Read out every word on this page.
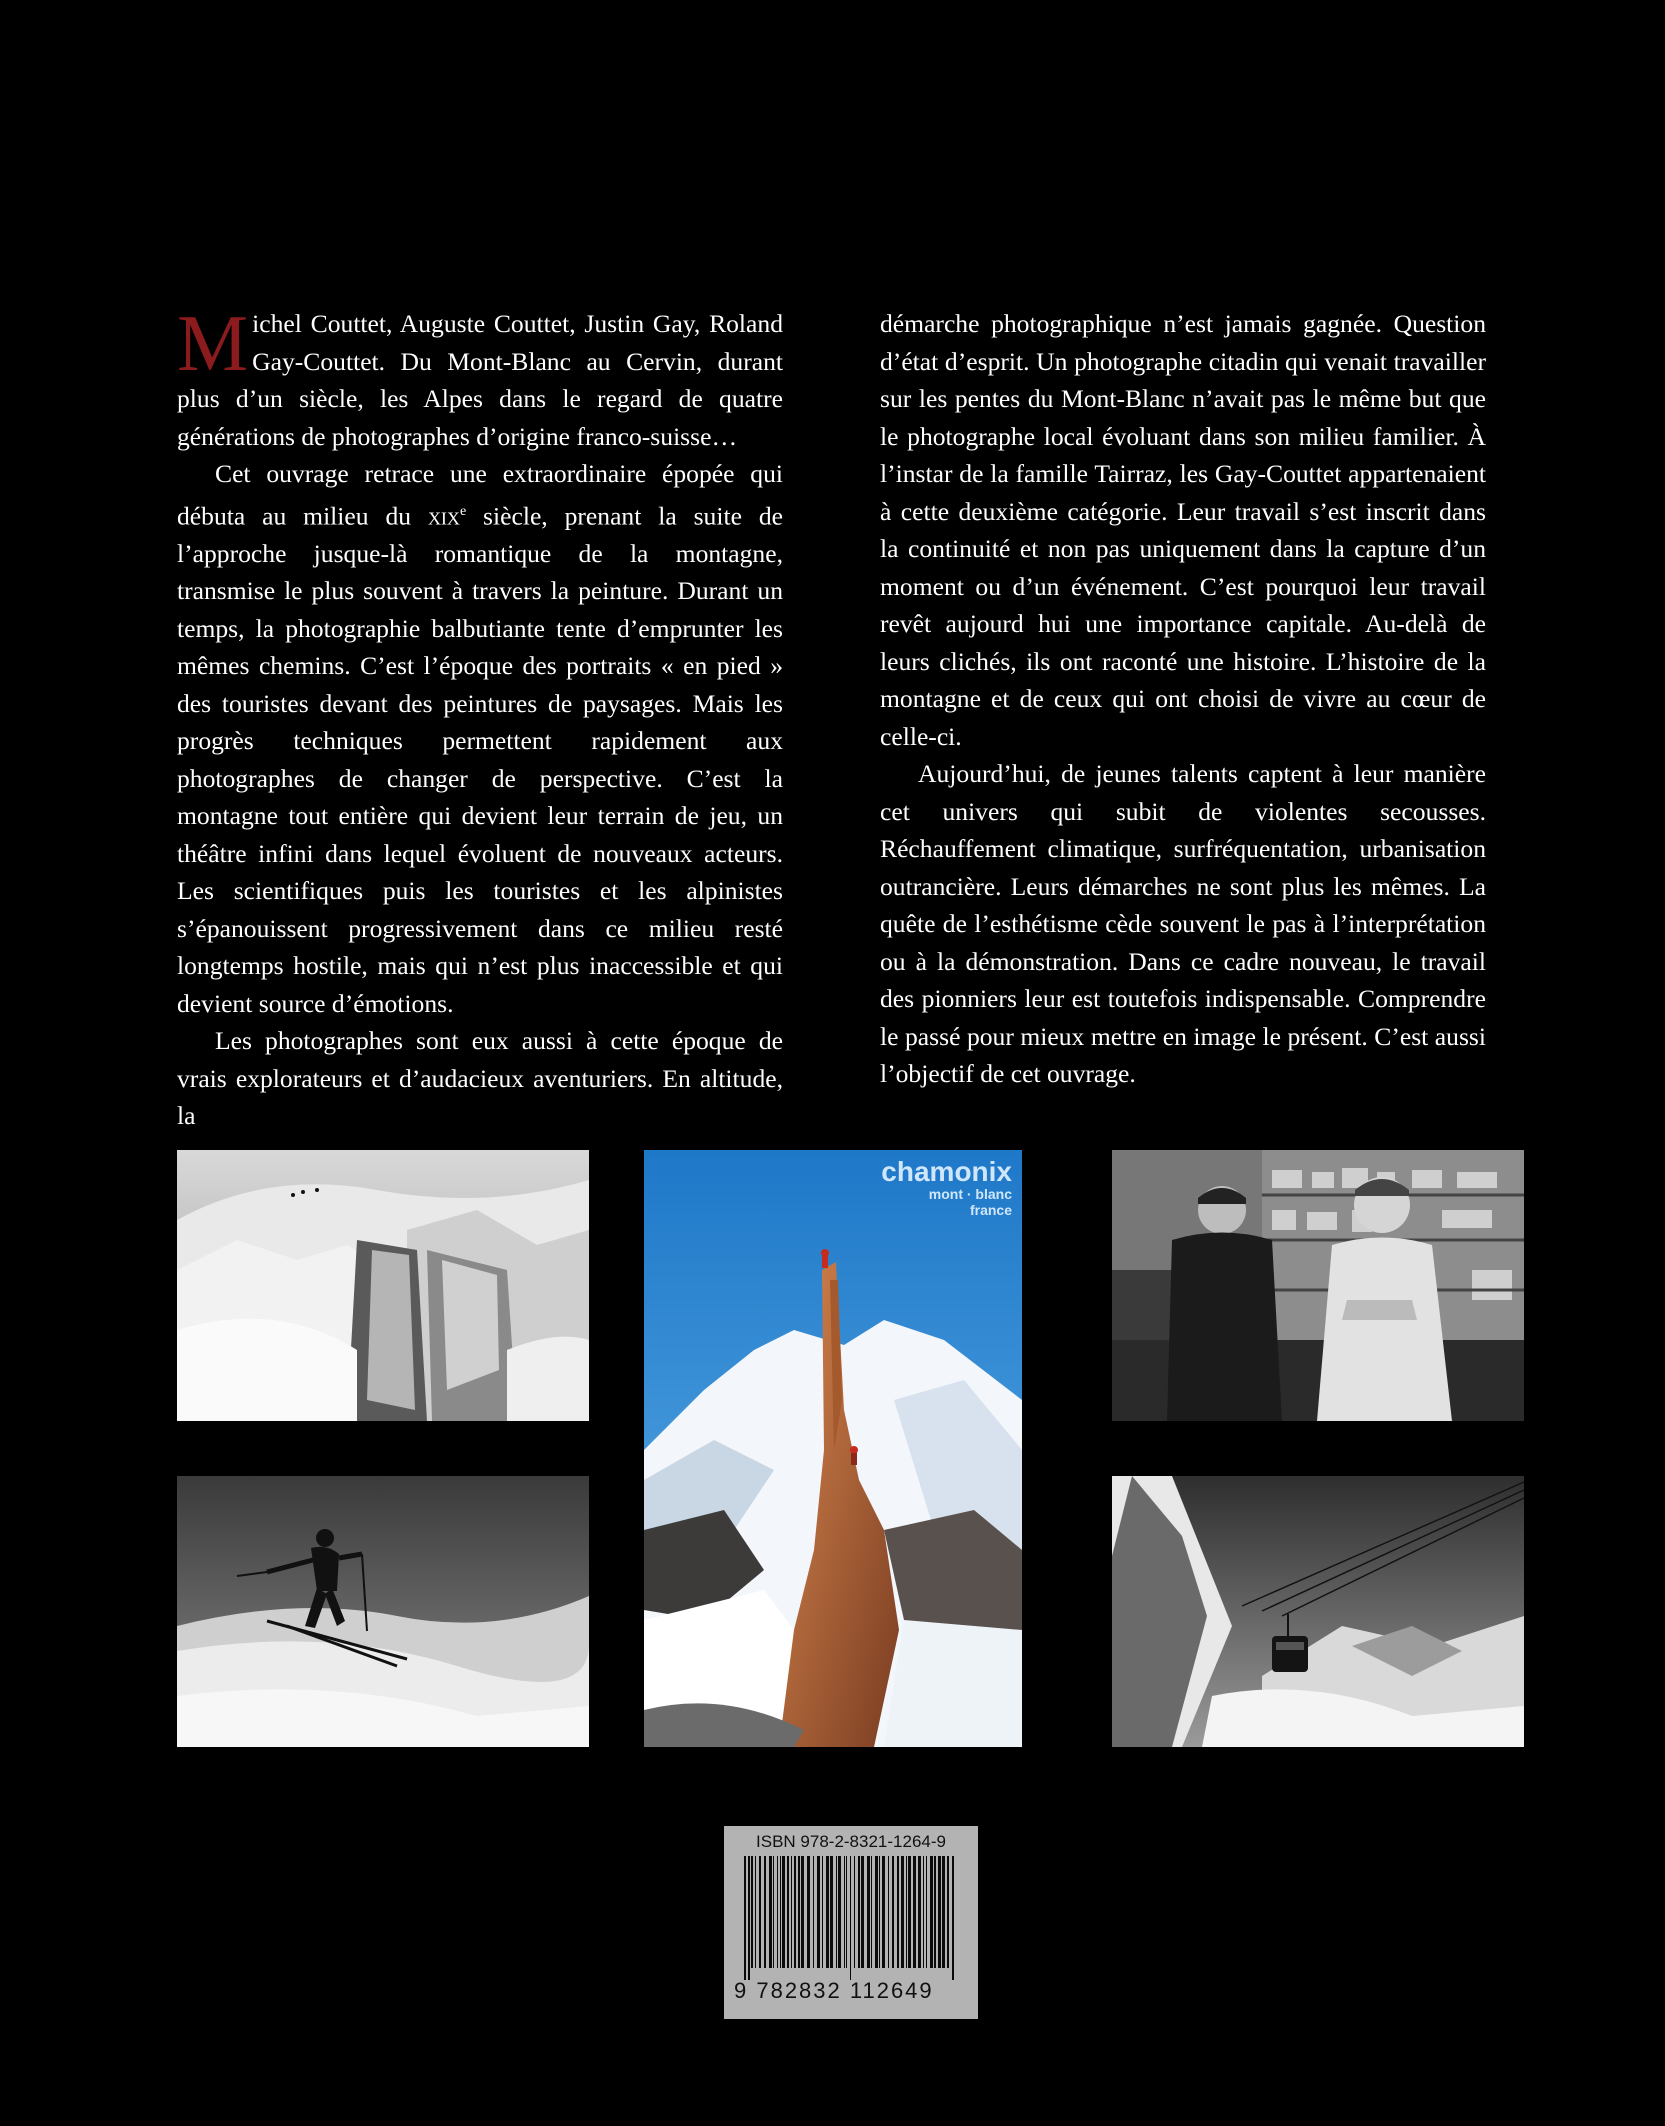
Michel Couttet, Auguste Couttet, Justin Gay, Roland Gay-Couttet. Du Mont-Blanc au Cervin, durant plus d’un siècle, les Alpes dans le regard de quatre générations de photographes d’origine franco-suisse…

Cet ouvrage retrace une extraordinaire épopée qui débuta au milieu du xix$^e$ siècle, prenant la suite de l’approche jusque-là romantique de la montagne, transmise le plus souvent à travers la peinture. Durant un temps, la photographie balbutiante tente d’emprunter les mêmes chemins. C’est l’époque des portraits « en pied » des touristes devant des peintures de paysages. Mais les progrès techniques permettent rapidement aux photographes de changer de perspective. C’est la montagne tout entière qui devient leur terrain de jeu, un théâtre infini dans lequel évoluent de nouveaux acteurs. Les scientifiques puis les touristes et les alpinistes s’épanouissent progressivement dans ce milieu resté longtemps hostile, mais qui n’est plus inaccessible et qui devient source d’émotions.

Les photographes sont eux aussi à cette époque de vrais explorateurs et d’audacieux aventuriers. En altitude, la

démarche photographique n’est jamais gagnée. Question d’état d’esprit. Un photographe citadin qui venait travailler sur les pentes du Mont-Blanc n’avait pas le même but que le photographe local évoluant dans son milieu familier. À l’instar de la famille Tairraz, les Gay-Couttet appartenaient à cette deuxième catégorie. Leur travail s’est inscrit dans la continuité et non pas uniquement dans la capture d’un moment ou d’un événement. C’est pourquoi leur travail revêt aujourd hui une importance capitale. Au-delà de leurs clichés, ils ont raconté une histoire. L’histoire de la montagne et de ceux qui ont choisi de vivre au cœur de celle-ci.

Aujourd’hui, de jeunes talents captent à leur manière cet univers qui subit de violentes secousses. Réchauffement climatique, surfréquentation, urbanisation outrancière. Leurs démarches ne sont plus les mêmes. La quête de l’esthétisme cède souvent le pas à l’interprétation ou à la démonstration. Dans ce cadre nouveau, le travail des pionniers leur est toutefois indispensable. Comprendre le passé pour mieux mettre en image le présent. C’est aussi l’objectif de cet ouvrage.

chamonix
mont · blanc
france
ISBN 978-2-8321-1264-9
9 782832 112649
